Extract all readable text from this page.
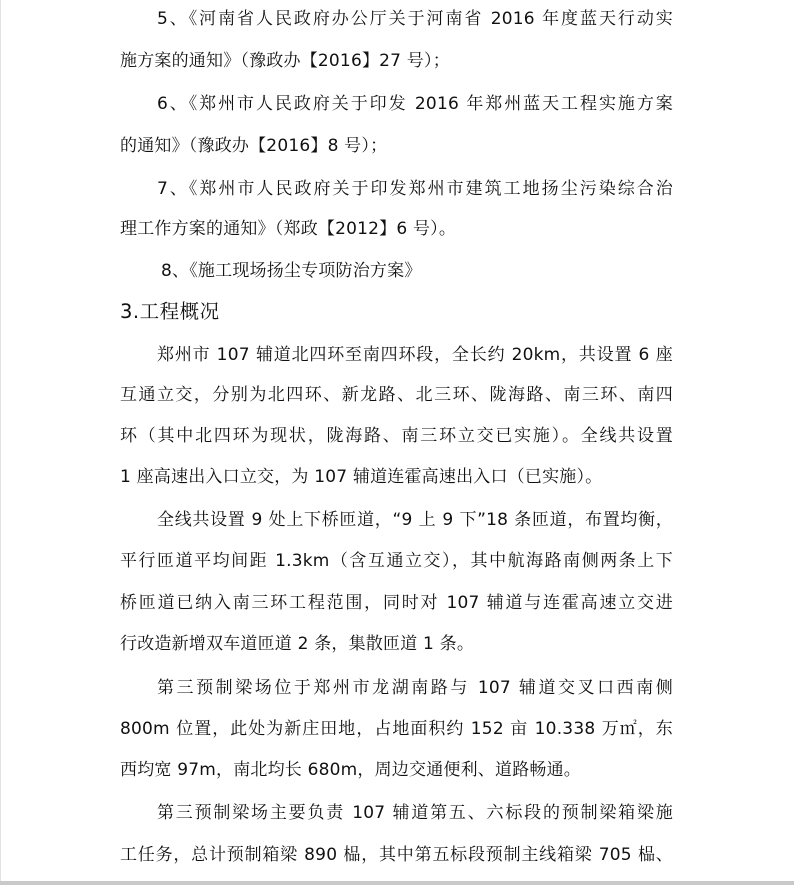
5、《河南省人民政府办公厅关于河南省 2016 年度蓝天行动实
施方案的通知》（豫政办【2016】27 号）；
6、《郑州市人民政府关于印发 2016 年郑州蓝天工程实施方案
的通知》（豫政办【2016】8 号）；
7、《郑州市人民政府关于印发郑州市建筑工地扬尘污染综合治
理工作方案的通知》（郑政【2012】6 号）。
8、《施工现场扬尘专项防治方案》
3.工程概况
郑州市 107 辅道北四环至南四环段，全长约 20km，共设置 6 座
互通立交，分别为北四环、新龙路、北三环、陇海路、南三环、南四
环（其中北四环为现状，陇海路、南三环立交已实施）。全线共设置
1 座高速出入口立交，为 107 辅道连霍高速出入口（已实施）。
全线共设置 9 处上下桥匝道，“9 上 9 下”18 条匝道，布置均衡，
平行匝道平均间距 1.3km（含互通立交），其中航海路南侧两条上下
桥匝道已纳入南三环工程范围，同时对 107 辅道与连霍高速立交进
行改造新增双车道匝道 2 条，集散匝道 1 条。
第三预制梁场位于郑州市龙湖南路与 107 辅道交叉口西南侧
800m 位置，此处为新庄田地，占地面积约 152 亩 10.338 万㎡，东
西均宽 97m，南北均长 680m，周边交通便利、道路畅通。
第三预制梁场主要负责 107 辅道第五、六标段的预制梁箱梁施
工任务，总计预制箱梁 890 榀，其中第五标段预制主线箱梁 705 榀、
